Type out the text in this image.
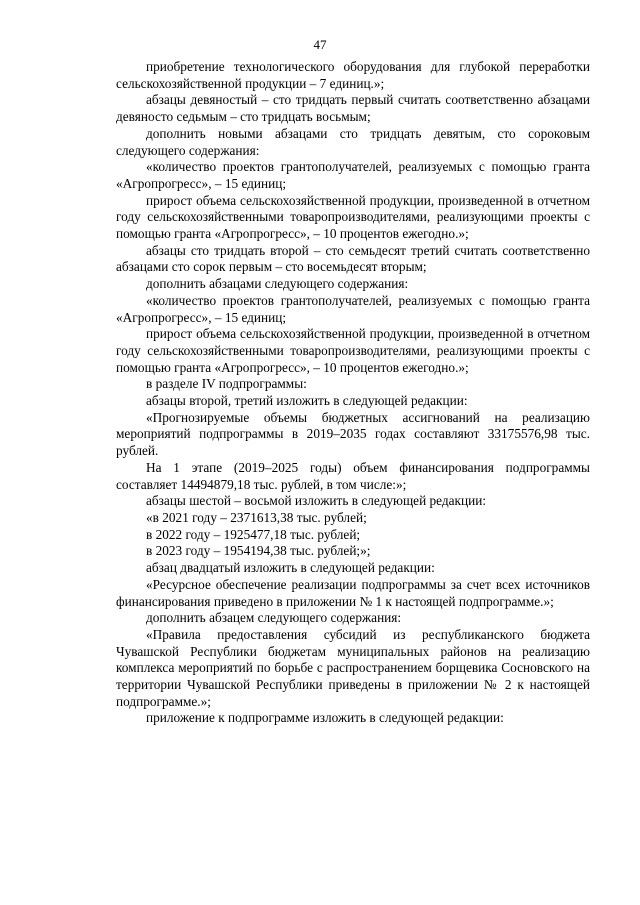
47

приобретение технологического оборудования для глубокой переработки сельскохозяйственной продукции – 7 единиц.»;

абзацы девяностый – сто тридцать первый считать соответственно абзацами девяносто седьмым – сто тридцать восьмым;

дополнить новыми абзацами сто тридцать девятым, сто сороковым следующего содержания:

«количество проектов грантополучателей, реализуемых с помощью гранта «Агропрогресс», – 15 единиц;

прирост объема сельскохозяйственной продукции, произведенной в отчетном году сельскохозяйственными товаропроизводителями, реализующими проекты с помощью гранта «Агропрогресс», – 10 процентов ежегодно.»;

абзацы сто тридцать второй – сто семьдесят третий считать соответственно абзацами сто сорок первым – сто восемьдесят вторым;

дополнить абзацами следующего содержания:

«количество проектов грантополучателей, реализуемых с помощью гранта «Агропрогресс», – 15 единиц;

прирост объема сельскохозяйственной продукции, произведенной в отчетном году сельскохозяйственными товаропроизводителями, реализующими проекты с помощью гранта «Агропрогресс», – 10 процентов ежегодно.»;

в разделе IV подпрограммы:

абзацы второй, третий изложить в следующей редакции:

«Прогнозируемые объемы бюджетных ассигнований на реализацию мероприятий подпрограммы в 2019–2035 годах составляют 33175576,98 тыс. рублей.

На 1 этапе (2019–2025 годы) объем финансирования подпрограммы составляет 14494879,18 тыс. рублей, в том числе:»;

абзацы шестой – восьмой изложить в следующей редакции:

«в 2021 году – 2371613,38 тыс. рублей;

в 2022 году – 1925477,18 тыс. рублей;

в 2023 году – 1954194,38 тыс. рублей;»;

абзац двадцатый изложить в следующей редакции:

«Ресурсное обеспечение реализации подпрограммы за счет всех источников финансирования приведено в приложении № 1 к настоящей подпрограмме.»;

дополнить абзацем следующего содержания:

«Правила предоставления субсидий из республиканского бюджета Чувашской Республики бюджетам муниципальных районов на реализацию комплекса мероприятий по борьбе с распространением борщевика Сосновского на территории Чувашской Республики приведены в приложении № 2 к настоящей подпрограмме.»;

приложение к подпрограмме изложить в следующей редакции:
